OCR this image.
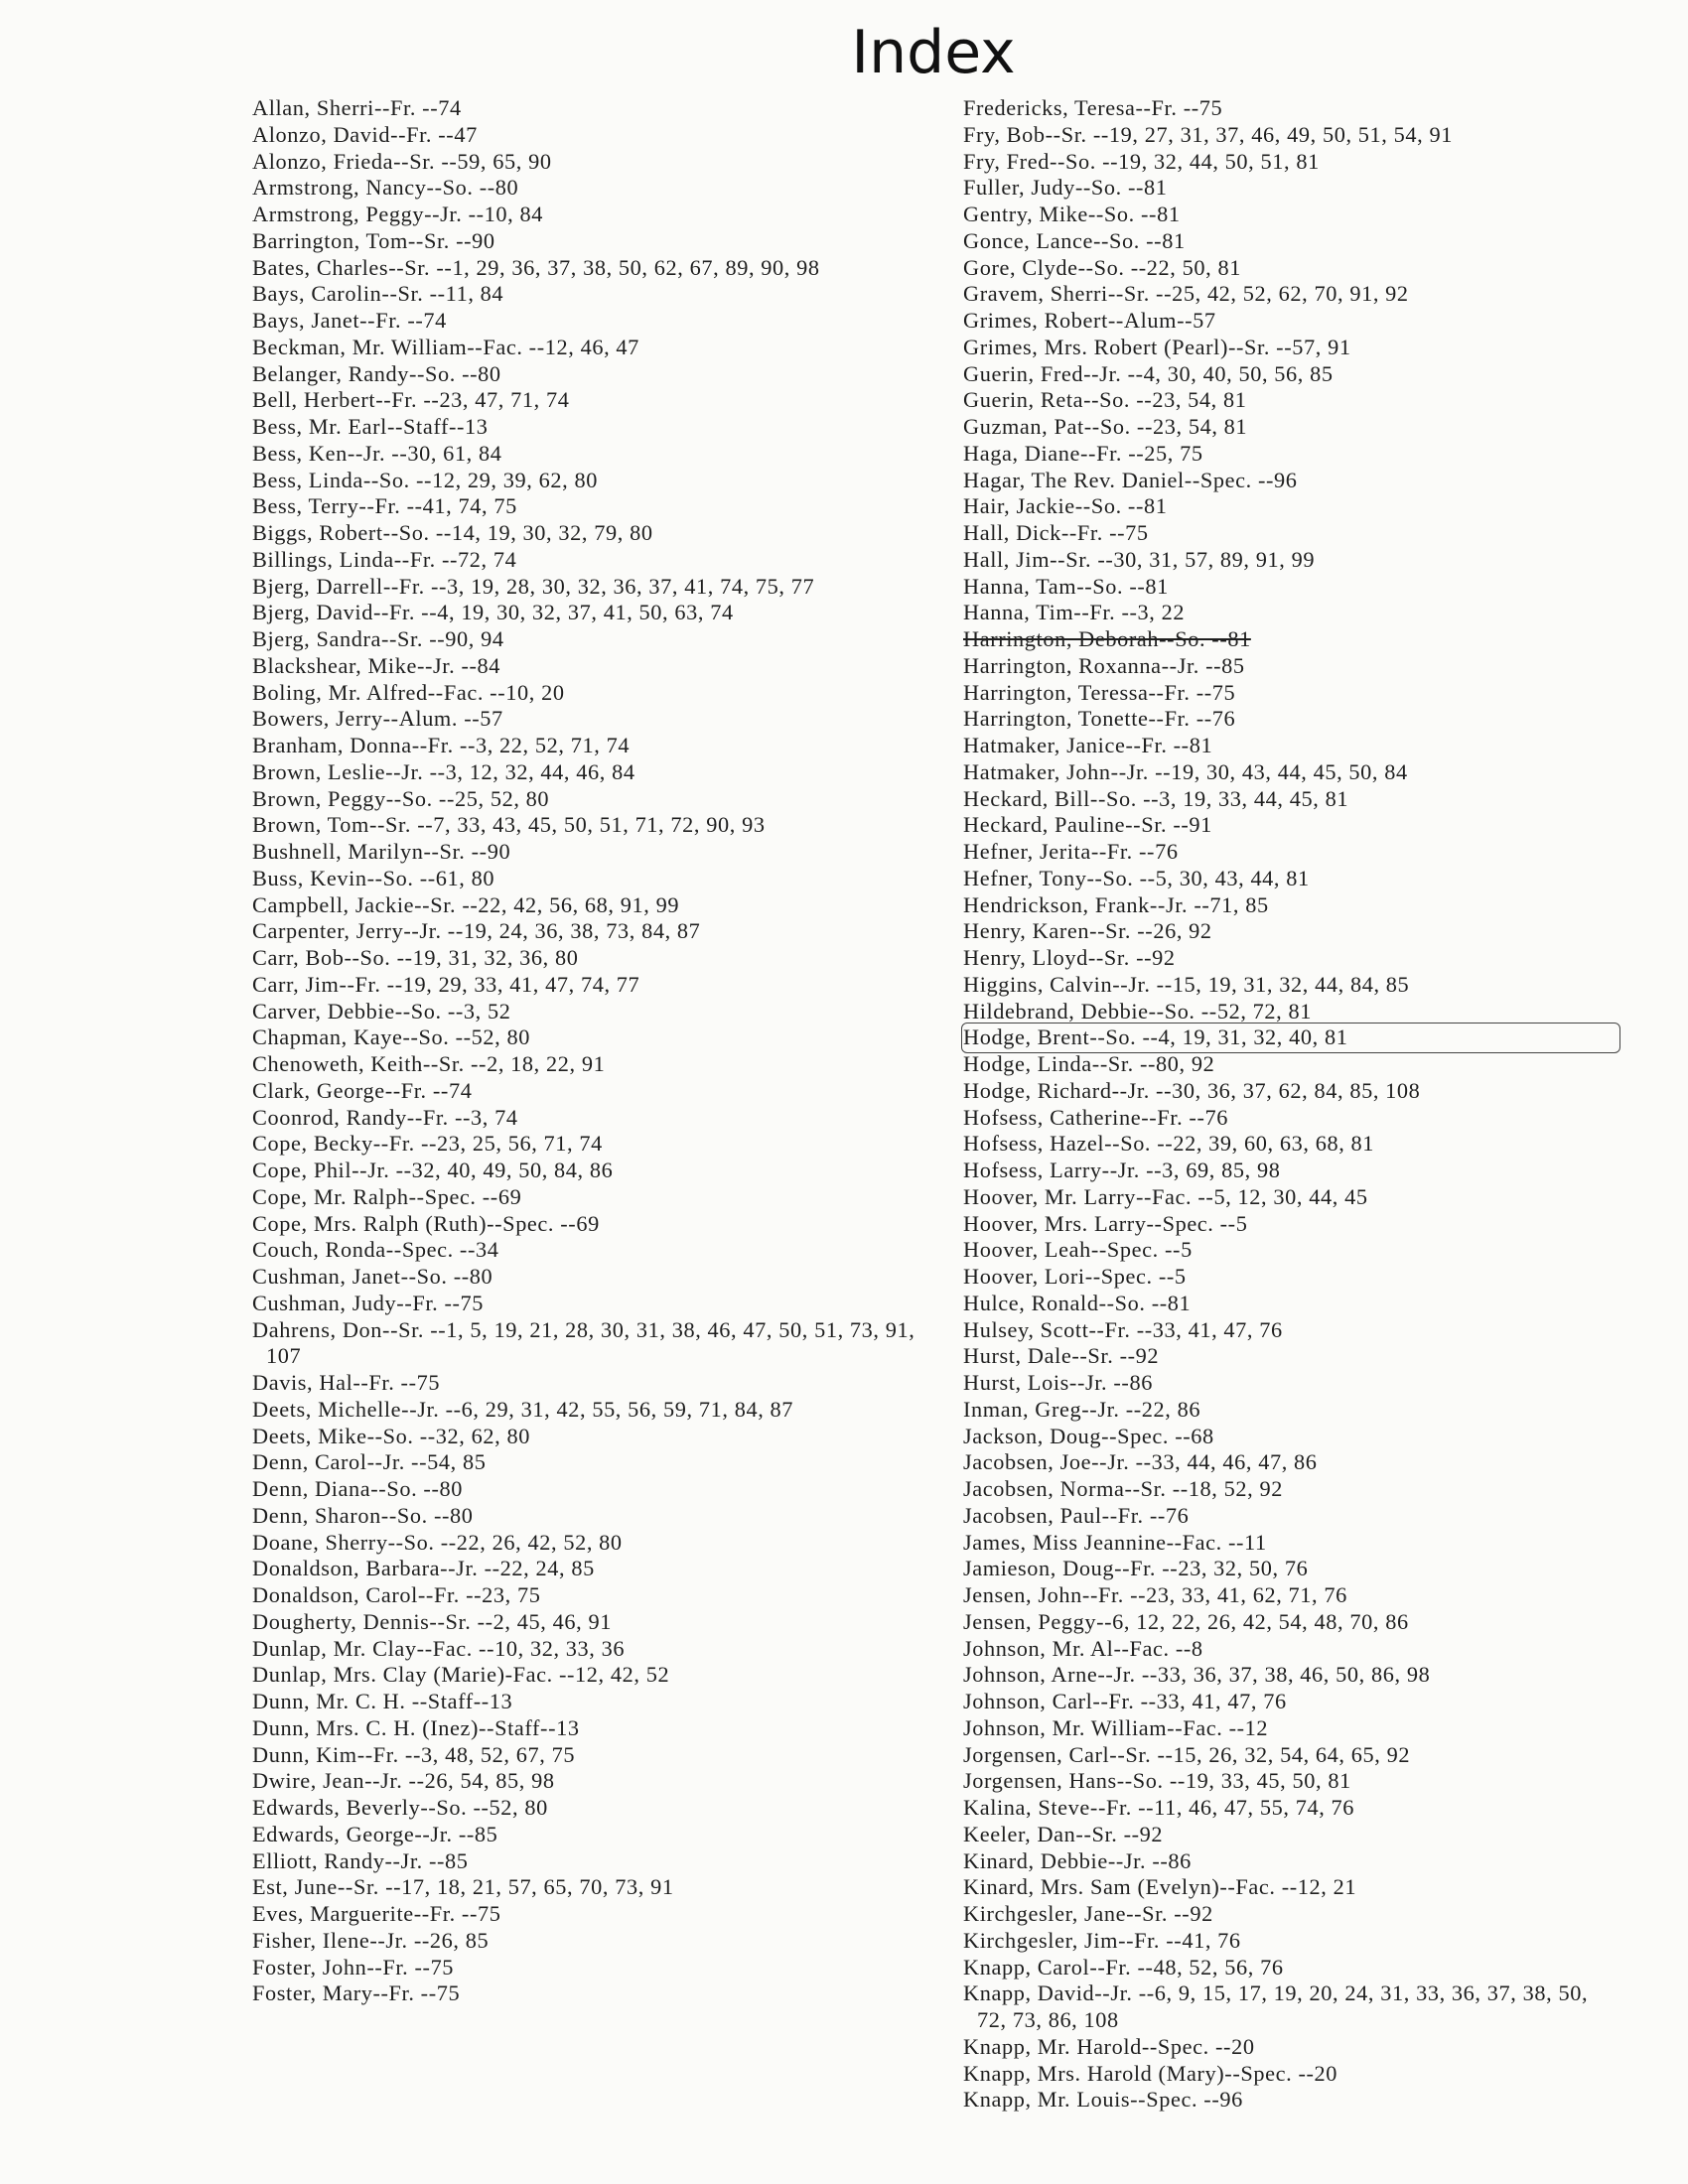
Index
Allan, Sherri--Fr. --74
Alonzo, David--Fr. --47
Alonzo, Frieda--Sr. --59, 65, 90
Armstrong, Nancy--So. --80
Armstrong, Peggy--Jr. --10, 84
Barrington, Tom--Sr. --90
Bates, Charles--Sr. --1, 29, 36, 37, 38, 50, 62, 67, 89, 90, 98
Bays, Carolin--Sr. --11, 84
Bays, Janet--Fr. --74
Beckman, Mr. William--Fac. --12, 46, 47
Belanger, Randy--So. --80
Bell, Herbert--Fr. --23, 47, 71, 74
Bess, Mr. Earl--Staff--13
Bess, Ken--Jr. --30, 61, 84
Bess, Linda--So. --12, 29, 39, 62, 80
Bess, Terry--Fr. --41, 74, 75
Biggs, Robert--So. --14, 19, 30, 32, 79, 80
Billings, Linda--Fr. --72, 74
Bjerg, Darrell--Fr. --3, 19, 28, 30, 32, 36, 37, 41, 74, 75, 77
Bjerg, David--Fr. --4, 19, 30, 32, 37, 41, 50, 63, 74
Bjerg, Sandra--Sr. --90, 94
Blackshear, Mike--Jr. --84
Boling, Mr. Alfred--Fac. --10, 20
Bowers, Jerry--Alum. --57
Branham, Donna--Fr. --3, 22, 52, 71, 74
Brown, Leslie--Jr. --3, 12, 32, 44, 46, 84
Brown, Peggy--So. --25, 52, 80
Brown, Tom--Sr. --7, 33, 43, 45, 50, 51, 71, 72, 90, 93
Bushnell, Marilyn--Sr. --90
Buss, Kevin--So. --61, 80
Campbell, Jackie--Sr. --22, 42, 56, 68, 91, 99
Carpenter, Jerry--Jr. --19, 24, 36, 38, 73, 84, 87
Carr, Bob--So. --19, 31, 32, 36, 80
Carr, Jim--Fr. --19, 29, 33, 41, 47, 74, 77
Carver, Debbie--So. --3, 52
Chapman, Kaye--So. --52, 80
Chenoweth, Keith--Sr. --2, 18, 22, 91
Clark, George--Fr. --74
Coonrod, Randy--Fr. --3, 74
Cope, Becky--Fr. --23, 25, 56, 71, 74
Cope, Phil--Jr. --32, 40, 49, 50, 84, 86
Cope, Mr. Ralph--Spec. --69
Cope, Mrs. Ralph (Ruth)--Spec. --69
Couch, Ronda--Spec. --34
Cushman, Janet--So. --80
Cushman, Judy--Fr. --75
Dahrens, Don--Sr. --1, 5, 19, 21, 28, 30, 31, 38, 46, 47, 50, 51, 73, 91, 107
Davis, Hal--Fr. --75
Deets, Michelle--Jr. --6, 29, 31, 42, 55, 56, 59, 71, 84, 87
Deets, Mike--So. --32, 62, 80
Denn, Carol--Jr. --54, 85
Denn, Diana--So. --80
Denn, Sharon--So. --80
Doane, Sherry--So. --22, 26, 42, 52, 80
Donaldson, Barbara--Jr. --22, 24, 85
Donaldson, Carol--Fr. --23, 75
Dougherty, Dennis--Sr. --2, 45, 46, 91
Dunlap, Mr. Clay--Fac. --10, 32, 33, 36
Dunlap, Mrs. Clay (Marie)-Fac. --12, 42, 52
Dunn, Mr. C. H. --Staff--13
Dunn, Mrs. C. H. (Inez)--Staff--13
Dunn, Kim--Fr. --3, 48, 52, 67, 75
Dwire, Jean--Jr. --26, 54, 85, 98
Edwards, Beverly--So. --52, 80
Edwards, George--Jr. --85
Elliott, Randy--Jr. --85
Est, June--Sr. --17, 18, 21, 57, 65, 70, 73, 91
Eves, Marguerite--Fr. --75
Fisher, Ilene--Jr. --26, 85
Foster, John--Fr. --75
Foster, Mary--Fr. --75
Fredericks, Teresa--Fr. --75
Fry, Bob--Sr. --19, 27, 31, 37, 46, 49, 50, 51, 54, 91
Fry, Fred--So. --19, 32, 44, 50, 51, 81
Fuller, Judy--So. --81
Gentry, Mike--So. --81
Gonce, Lance--So. --81
Gore, Clyde--So. --22, 50, 81
Gravem, Sherri--Sr. --25, 42, 52, 62, 70, 91, 92
Grimes, Robert--Alum--57
Grimes, Mrs. Robert (Pearl)--Sr. --57, 91
Guerin, Fred--Jr. --4, 30, 40, 50, 56, 85
Guerin, Reta--So. --23, 54, 81
Guzman, Pat--So. --23, 54, 81
Haga, Diane--Fr. --25, 75
Hagar, The Rev. Daniel--Spec. --96
Hair, Jackie--So. --81
Hall, Dick--Fr. --75
Hall, Jim--Sr. --30, 31, 57, 89, 91, 99
Hanna, Tam--So. --81
Hanna, Tim--Fr. --3, 22
Harrington, Deborah--So. --81
Harrington, Roxanna--Jr. --85
Harrington, Teressa--Fr. --75
Harrington, Tonette--Fr. --76
Hatmaker, Janice--Fr. --81
Hatmaker, John--Jr. --19, 30, 43, 44, 45, 50, 84
Heckard, Bill--So. --3, 19, 33, 44, 45, 81
Heckard, Pauline--Sr. --91
Hefner, Jerita--Fr. --76
Hefner, Tony--So. --5, 30, 43, 44, 81
Hendrickson, Frank--Jr. --71, 85
Henry, Karen--Sr. --26, 92
Henry, Lloyd--Sr. --92
Higgins, Calvin--Jr. --15, 19, 31, 32, 44, 84, 85
Hildebrand, Debbie--So. --52, 72, 81
Hodge, Brent--So. --4, 19, 31, 32, 40, 81
Hodge, Linda--Sr. --80, 92
Hodge, Richard--Jr. --30, 36, 37, 62, 84, 85, 108
Hofsess, Catherine--Fr. --76
Hofsess, Hazel--So. --22, 39, 60, 63, 68, 81
Hofsess, Larry--Jr. --3, 69, 85, 98
Hoover, Mr. Larry--Fac. --5, 12, 30, 44, 45
Hoover, Mrs. Larry--Spec. --5
Hoover, Leah--Spec. --5
Hoover, Lori--Spec. --5
Hulce, Ronald--So. --81
Hulsey, Scott--Fr. --33, 41, 47, 76
Hurst, Dale--Sr. --92
Hurst, Lois--Jr. --86
Inman, Greg--Jr. --22, 86
Jackson, Doug--Spec. --68
Jacobsen, Joe--Jr. --33, 44, 46, 47, 86
Jacobsen, Norma--Sr. --18, 52, 92
Jacobsen, Paul--Fr. --76
James, Miss Jeannine--Fac. --11
Jamieson, Doug--Fr. --23, 32, 50, 76
Jensen, John--Fr. --23, 33, 41, 62, 71, 76
Jensen, Peggy--6, 12, 22, 26, 42, 54, 48, 70, 86
Johnson, Mr. Al--Fac. --8
Johnson, Arne--Jr. --33, 36, 37, 38, 46, 50, 86, 98
Johnson, Carl--Fr. --33, 41, 47, 76
Johnson, Mr. William--Fac. --12
Jorgensen, Carl--Sr. --15, 26, 32, 54, 64, 65, 92
Jorgensen, Hans--So. --19, 33, 45, 50, 81
Kalina, Steve--Fr. --11, 46, 47, 55, 74, 76
Keeler, Dan--Sr. --92
Kinard, Debbie--Jr. --86
Kinard, Mrs. Sam (Evelyn)--Fac. --12, 21
Kirchgesler, Jane--Sr. --92
Kirchgesler, Jim--Fr. --41, 76
Knapp, Carol--Fr. --48, 52, 56, 76
Knapp, David--Jr. --6, 9, 15, 17, 19, 20, 24, 31, 33, 36, 37, 38, 50, 72, 73, 86, 108
Knapp, Mr. Harold--Spec. --20
Knapp, Mrs. Harold (Mary)--Spec. --20
Knapp, Mr. Louis--Spec. --96
